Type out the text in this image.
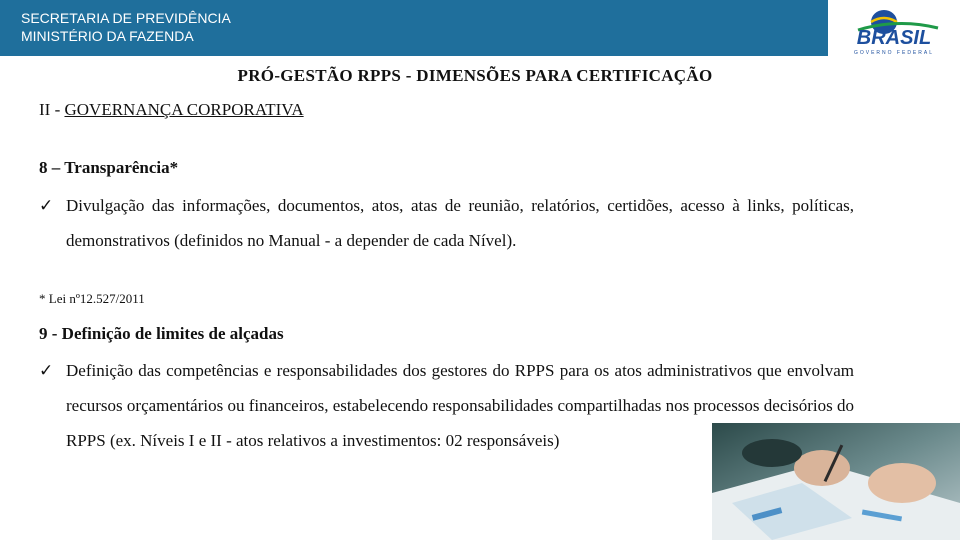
SECRETARIA DE PREVIDÊNCIA
MINISTÉRIO DA FAZENDA	BRASIL
GOVERNO FEDERAL
PRÓ-GESTÃO RPPS - DIMENSÕES PARA CERTIFICAÇÃO
II - GOVERNANÇA CORPORATIVA
8 – Transparência*
✓ Divulgação das informações, documentos, atos, atas de reunião, relatórios, certidões, acesso à links, políticas, demonstrativos (definidos no Manual - a depender de cada Nível).
* Lei nº12.527/2011
9 - Definição de limites de alçadas
✓ Definição das competências e responsabilidades dos gestores do RPPS para os atos administrativos que envolvam recursos orçamentários ou financeiros, estabelecendo responsabilidades compartilhadas nos processos decisórios do RPPS (ex. Níveis I e II - atos relativos a investimentos: 02 responsáveis)
